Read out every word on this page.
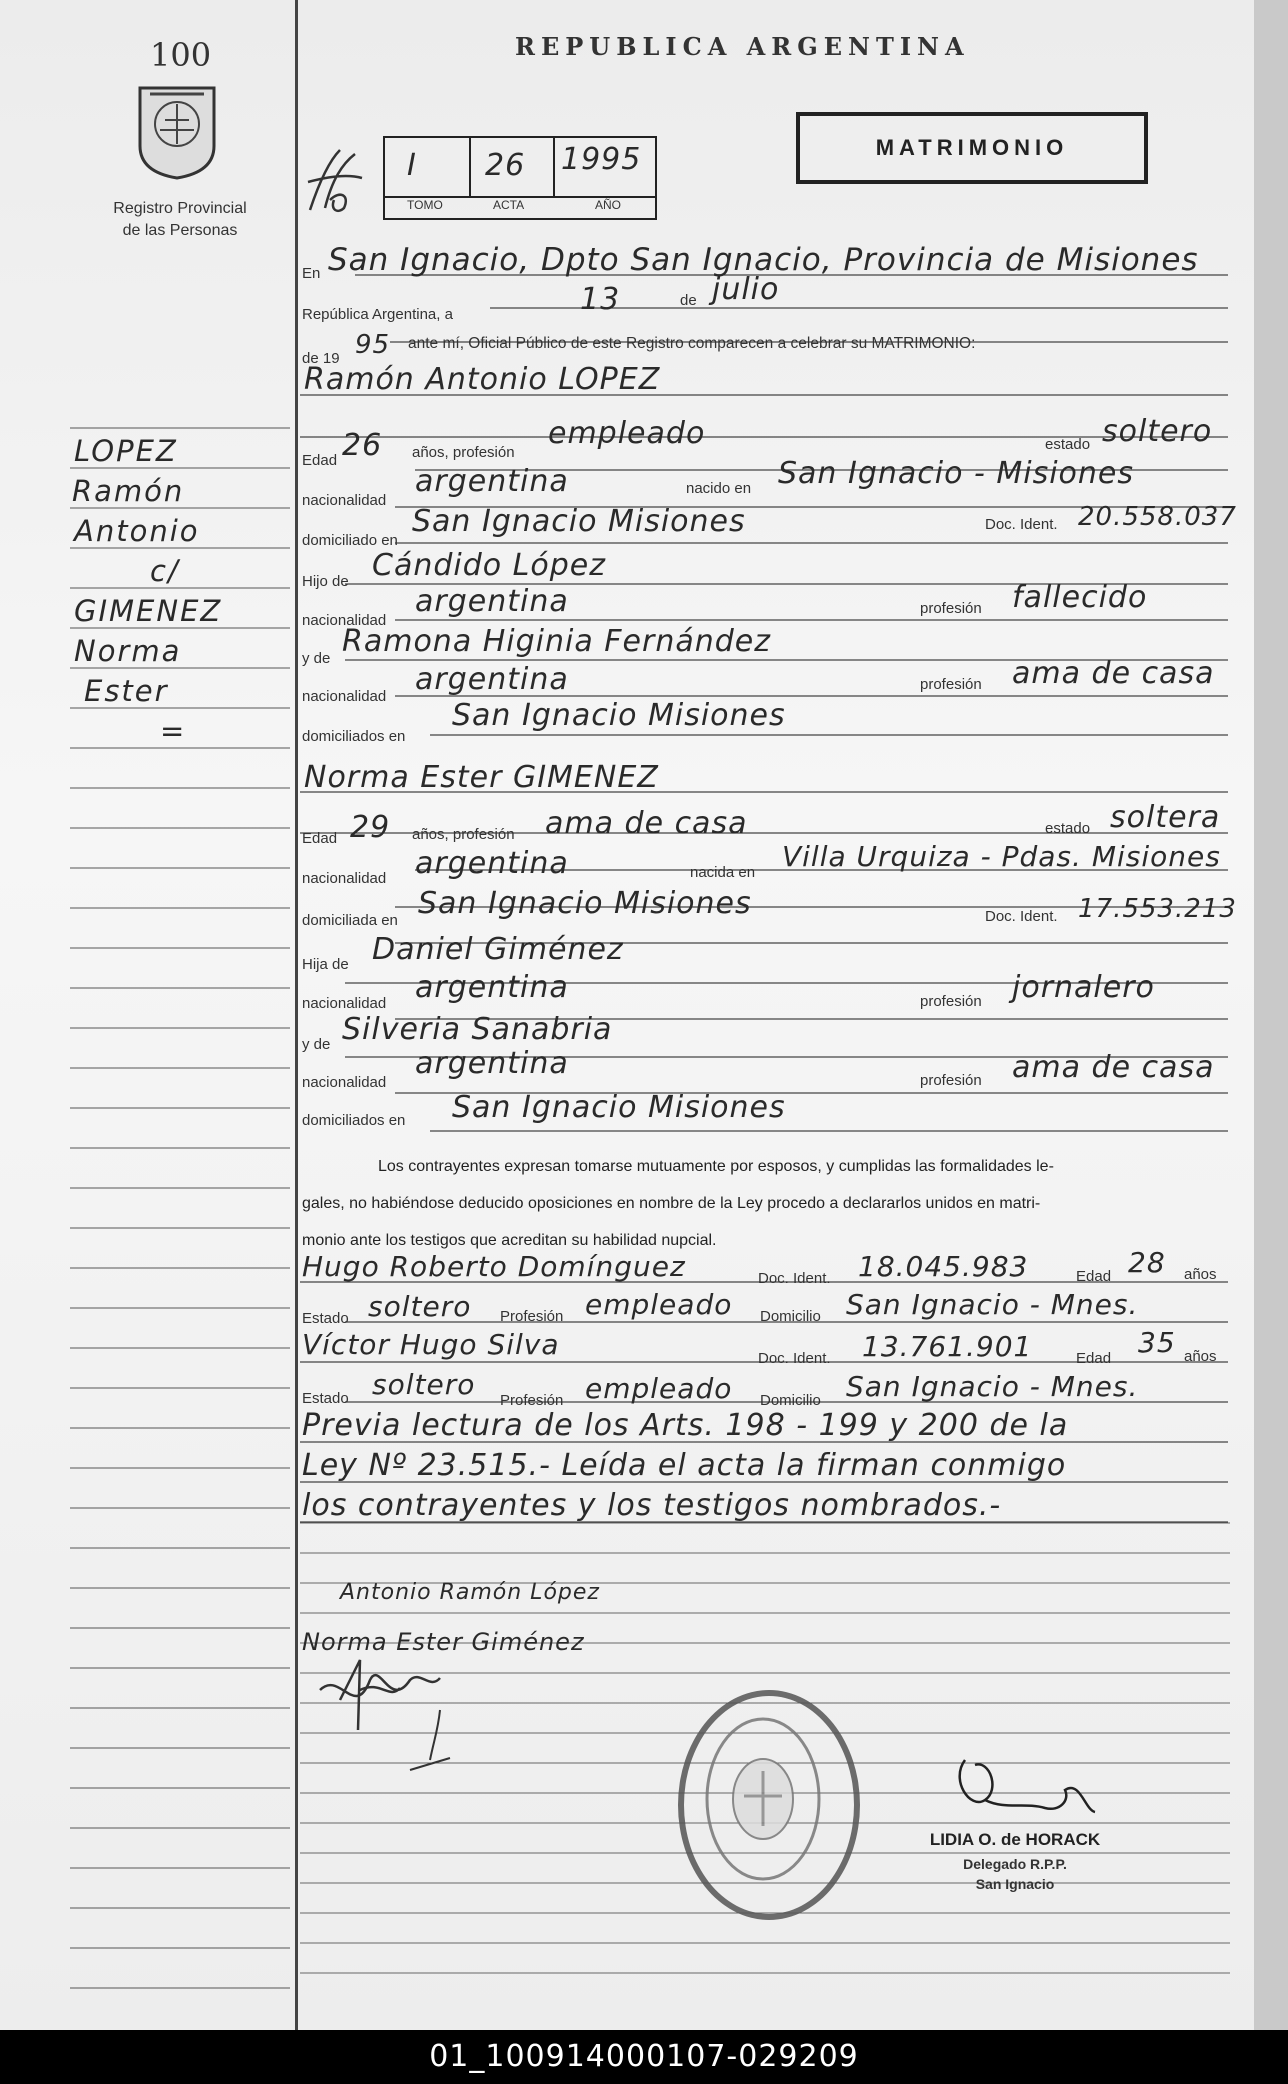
100
Registro Provincial
de las Personas
REPUBLICA ARGENTINA
MATRIMONIO
I 26 1995
TOMO	ACTA	AÑO
En San Ignacio, Dpto San Ignacio, Provincia de Misiones
República Argentina, a	13	de julio
de 19 95 ante mí, Oficial Público de este Registro comparecen a celebrar su MATRIMONIO:
LOPEZ
Ramón
Antonio
c/
GIMENEZ
Norma
Ester
=
Ramón Antonio LOPEZ
Edad 26 años, profesión
empleado	estado soltero
nacionalidad
argentina	nacido en San Ignacio - Misiones
domiciliado en
San Ignacio Misiones	Doc. Ident. 20.558.037
Hijo de Cándido López
nacionalidad
argentina	profesión fallecido
y de Ramona Higinia Fernández
nacionalidad argentina	profesión ama de casa
domiciliados en
San Ignacio Misiones
Norma Ester GIMENEZ
Edad 29 años, profesión ama de casa	estado soltera
nacionalidad argentina	nacida en Villa Urquiza - Pdas. Misiones
domiciliada en San Ignacio Misiones	Doc. Ident. 17.553.213
Hija de Daniel Giménez
nacionalidad argentina	profesión jornalero
y de Silveria Sanabria
nacionalidad
argentina	profesión ama de casa
domiciliados en San Ignacio Misiones
Los contrayentes expresan tomarse mutuamente por esposos, y cumplidas las formalidades le-
gales, no habiéndose deducido oposiciones en nombre de la Ley procedo a declararlos unidos en matri-
monio ante los testigos que acreditan su habilidad nupcial.
Hugo Roberto Domínguez	Doc. Ident. 18.045.983	Edad 28 años
Estado soltero Profesión empleado Domicilio San Ignacio - Mnes.
Víctor Hugo Silva	Doc. Ident. 13.761.901	Edad 35 años
Estado soltero Profesión empleado Domicilio San Ignacio - Mnes.
Previa lectura de los Arts. 198 - 199 y 200 de la
Ley Nº 23.515.- Leída el acta la firman conmigo
los contrayentes y los testigos nombrados.-
Antonio Ramón López
Norma Ester Giménez
LIDIA O. de HORACK
Delegado R.P.P.
San Ignacio
01_100914000107-029209
